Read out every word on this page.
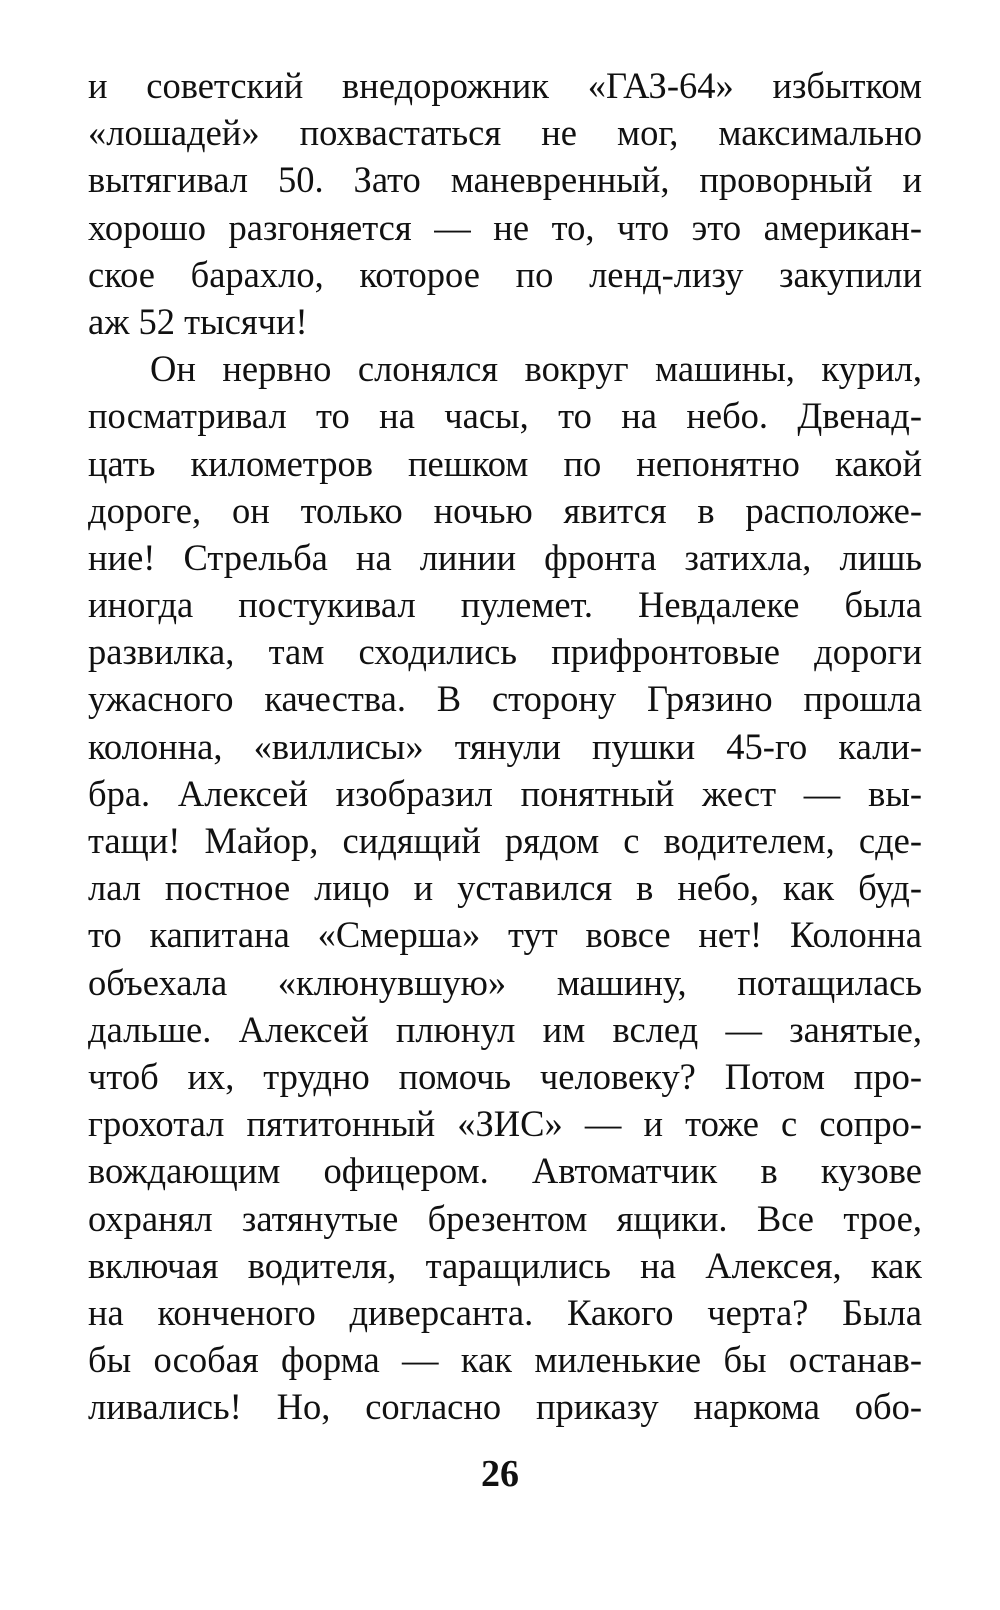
и советский внедорожник «ГАЗ-64» избытком
«лошадей» похвастаться не мог, максимально
вытягивал 50. Зато маневренный, проворный и
хорошо разгоняется — не то, что это американ-
ское барахло, которое по ленд-лизу закупили
аж 52 тысячи!
Он нервно слонялся вокруг машины, курил,
посматривал то на часы, то на небо. Двенад-
цать километров пешком по непонятно какой
дороге, он только ночью явится в расположе-
ние! Стрельба на линии фронта затихла, лишь
иногда постукивал пулемет. Невдалеке была
развилка, там сходились прифронтовые дороги
ужасного качества. В сторону Грязино прошла
колонна, «виллисы» тянули пушки 45-го кали-
бра. Алексей изобразил понятный жест — вы-
тащи! Майор, сидящий рядом с водителем, сде-
лал постное лицо и уставился в небо, как буд-
то капитана «Смерша» тут вовсе нет! Колонна
объехала «клюнувшую» машину, потащилась
дальше. Алексей плюнул им вслед — занятые,
чтоб их, трудно помочь человеку? Потом про-
грохотал пятитонный «ЗИС» — и тоже с сопро-
вождающим офицером. Автоматчик в кузове
охранял затянутые брезентом ящики. Все трое,
включая водителя, таращились на Алексея, как
на конченого диверсанта. Какого черта? Была
бы особая форма — как миленькие бы останав-
ливались! Но, согласно приказу наркома обо-
26
